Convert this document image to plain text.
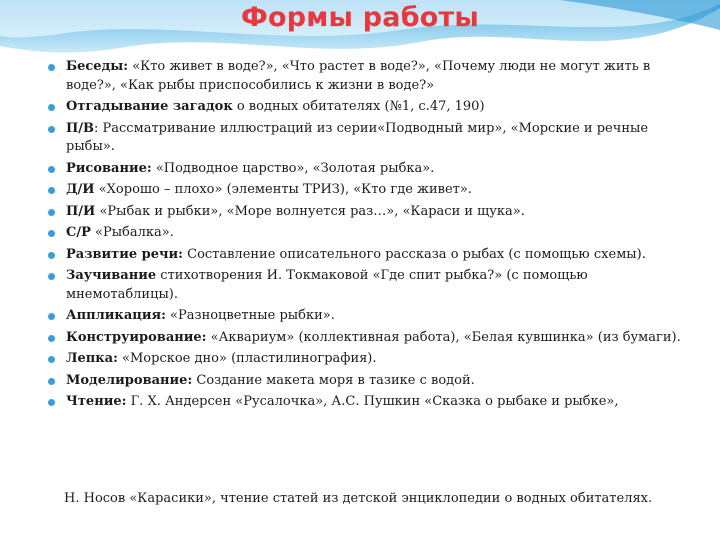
Формы работы
Беседы: «Кто живет в воде?», «Что растет в воде?», «Почему люди не могут жить в воде?», «Как рыбы приспособились к жизни в воде?»
Отгадывание загадок о водных обитателях (№1, с.47, 190)
П/В: Рассматривание иллюстраций из серии«Подводный мир», «Морские и речные рыбы».
Рисование: «Подводное царство», «Золотая рыбка».
Д/И «Хорошо – плохо» (элементы ТРИЗ), «Кто где живет».
П/И «Рыбак и рыбки», «Море волнуется раз…», «Караси и щука».
С/Р «Рыбалка».
Развитие речи: Составление описательного рассказа о рыбах (с помощью схемы).
Заучивание стихотворения И. Токмаковой «Где спит рыбка?» (с помощью мнемотаблицы).
Аппликация: «Разноцветные рыбки».
Конструирование: «Аквариум» (коллективная работа), «Белая кувшинка» (из бумаги).
Лепка: «Морское дно» (пластилинография).
Моделирование: Создание макета моря в тазике с водой.
Чтение: Г. Х. Андерсен «Русалочка», А.С. Пушкин «Сказка о рыбаке и рыбке»,
Н. Носов «Карасики», чтение статей из детской энциклопедии о водных обитателях.
